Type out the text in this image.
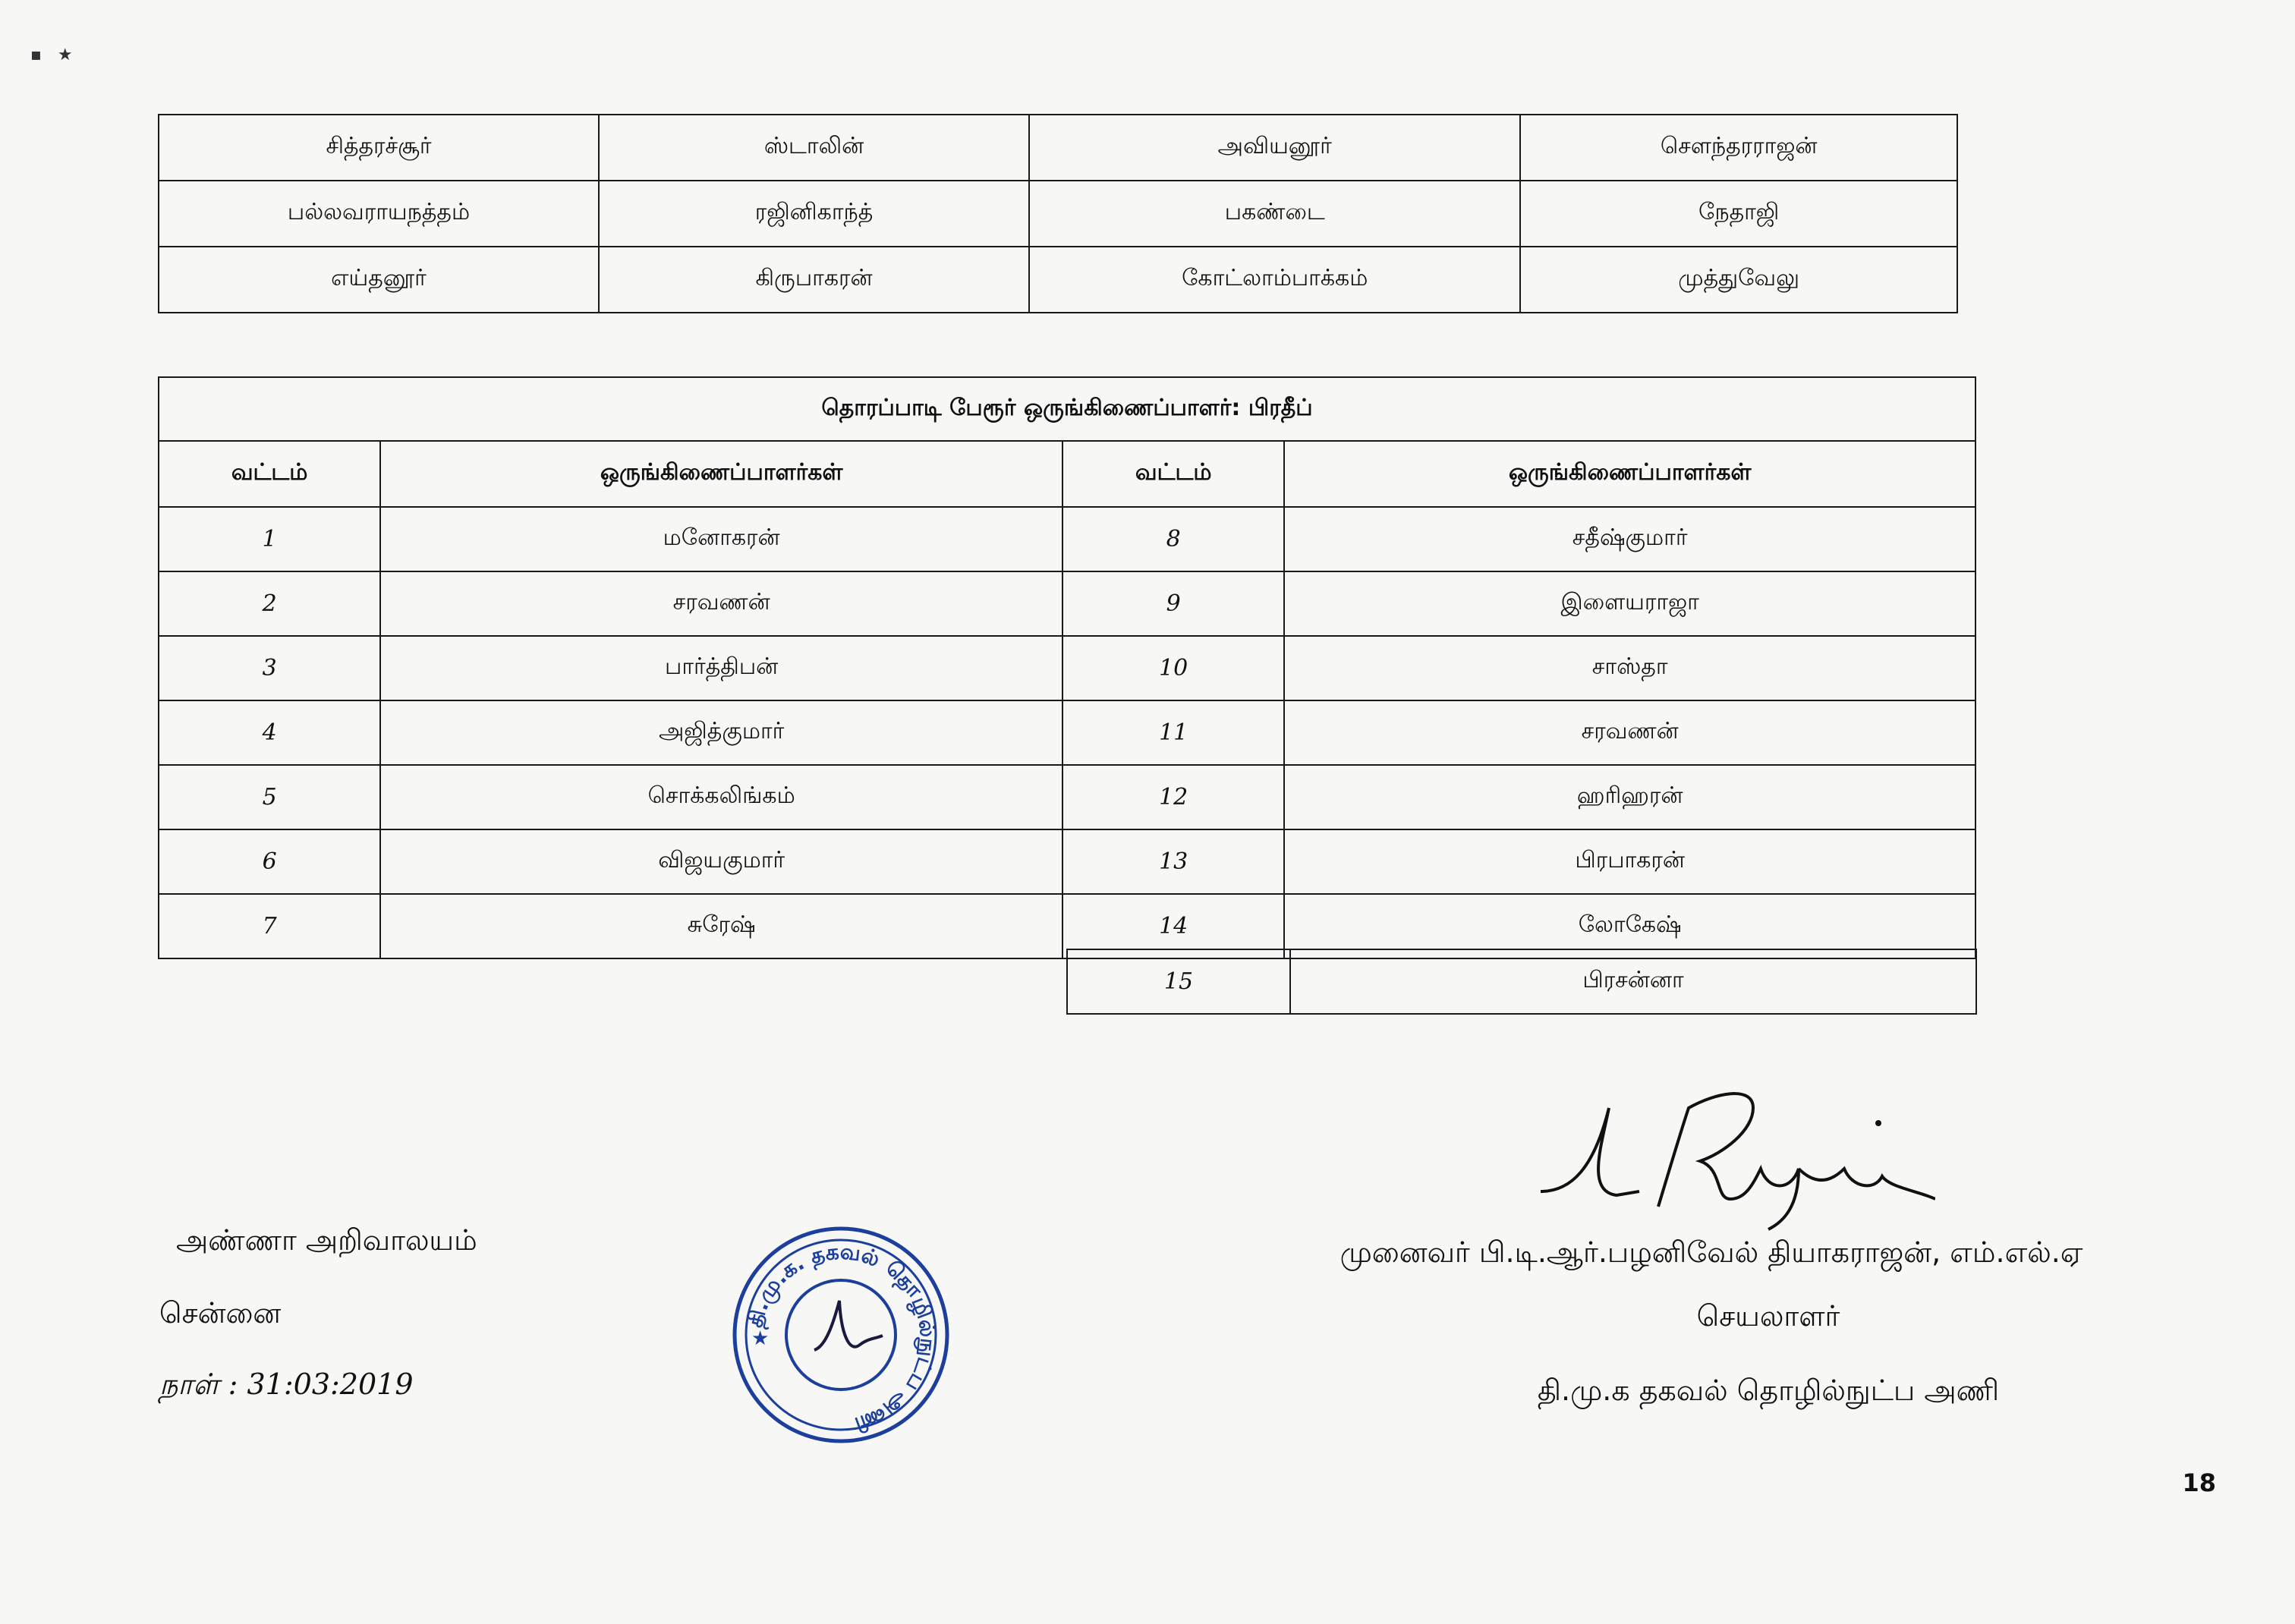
▪   ★
சித்தரச்சூர்	ஸ்டாலின்	அவியனூர்	சௌந்தரராஜன்
பல்லவராயநத்தம்	ரஜினிகாந்த்	பகண்டை	நேதாஜி
எய்தனூர்	கிருபாகரன்	கோட்லாம்பாக்கம்	முத்துவேலு
தொரப்பாடி பேரூர் ஒருங்கிணைப்பாளர்: பிரதீப்			
வட்டம்	ஒருங்கிணைப்பாளர்கள்	வட்டம்	ஒருங்கிணைப்பாளர்கள்
1	மனோகரன்	8	சதீஷ்குமார்
2	சரவணன்	9	இளையராஜா
3	பார்த்திபன்	10	சாஸ்தா
4	அஜித்குமார்	11	சரவணன்
5	சொக்கலிங்கம்	12	ஹரிஹரன்
6	விஜயகுமார்	13	பிரபாகரன்
7	சுரேஷ்	14	லோகேஷ்
15	பிரசன்னா
அண்ணா அறிவாலயம்
சென்னை
நாள் : 31:03:2019
தி.மு.க. தகவல் தொழில்நுட்ப அணி
★
முனைவர் பி.டி.ஆர்.பழனிவேல் தியாகராஜன், எம்.எல்.ஏ
செயலாளர்
தி.மு.க தகவல் தொழில்நுட்ப அணி
18
